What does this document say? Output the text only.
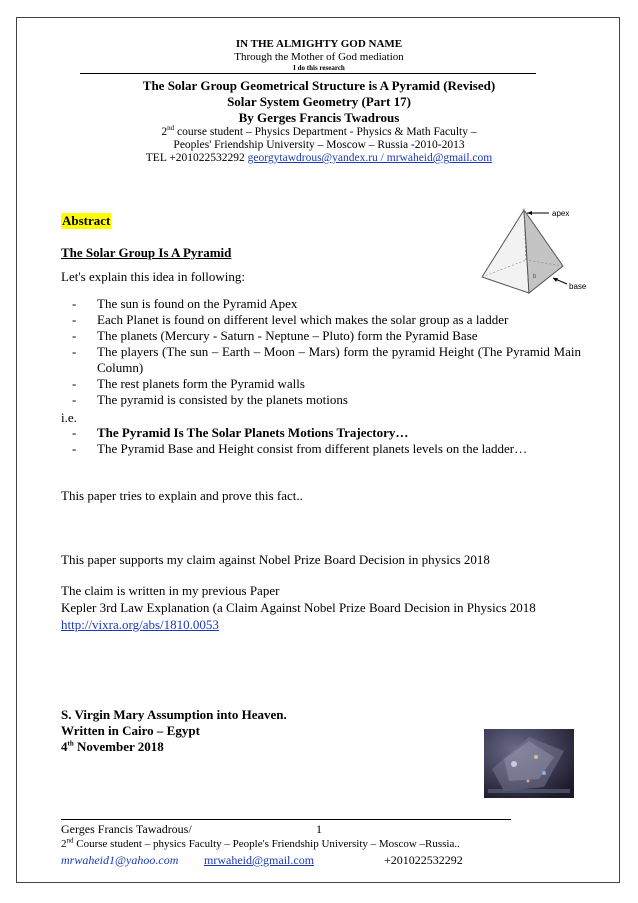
IN THE ALMIGHTY GOD NAME
Through the Mother of God mediation
I do this research
The Solar Group Geometrical Structure is A Pyramid (Revised)
Solar System Geometry (Part 17)
By Gerges Francis Twadrous
2nd course student – Physics Department - Physics & Math Faculty –
Peoples' Friendship University – Moscow – Russia -2010-2013
TEL +201022532292 georgytawdrous@yandex.ru / mrwaheid@gmail.com
b
apex
base
Abstract
The Solar Group Is A Pyramid
Let's explain this idea in following:
- The sun is found on the Pyramid Apex
- Each Planet is found on different level which makes the solar group as a ladder
- The planets (Mercury - Saturn - Neptune – Pluto) form the Pyramid Base
- The players (The sun – Earth – Moon – Mars) form the pyramid Height (The Pyramid Main Column)
- The rest planets form the Pyramid walls
- The pyramid is consisted by the planets motions
i.e.
- The Pyramid Is The Solar Planets Motions Trajectory…
- The Pyramid Base and Height consist from different planets levels on the ladder…
This paper tries to explain and prove this fact..
This paper supports my claim against Nobel Prize Board Decision in physics 2018
The claim is written in my previous Paper
Kepler 3rd Law Explanation (a Claim Against Nobel Prize Board Decision in Physics 2018
http://vixra.org/abs/1810.0053
S. Virgin Mary Assumption into Heaven.
Written in Cairo – Egypt
4th November 2018
Gerges Francis Tawadrous/	1
2nd Course student – physics Faculty – People's Friendship University – Moscow –Russia..
mrwaheid1@yahoo.com mrwaheid@gmail.com	+201022532292
